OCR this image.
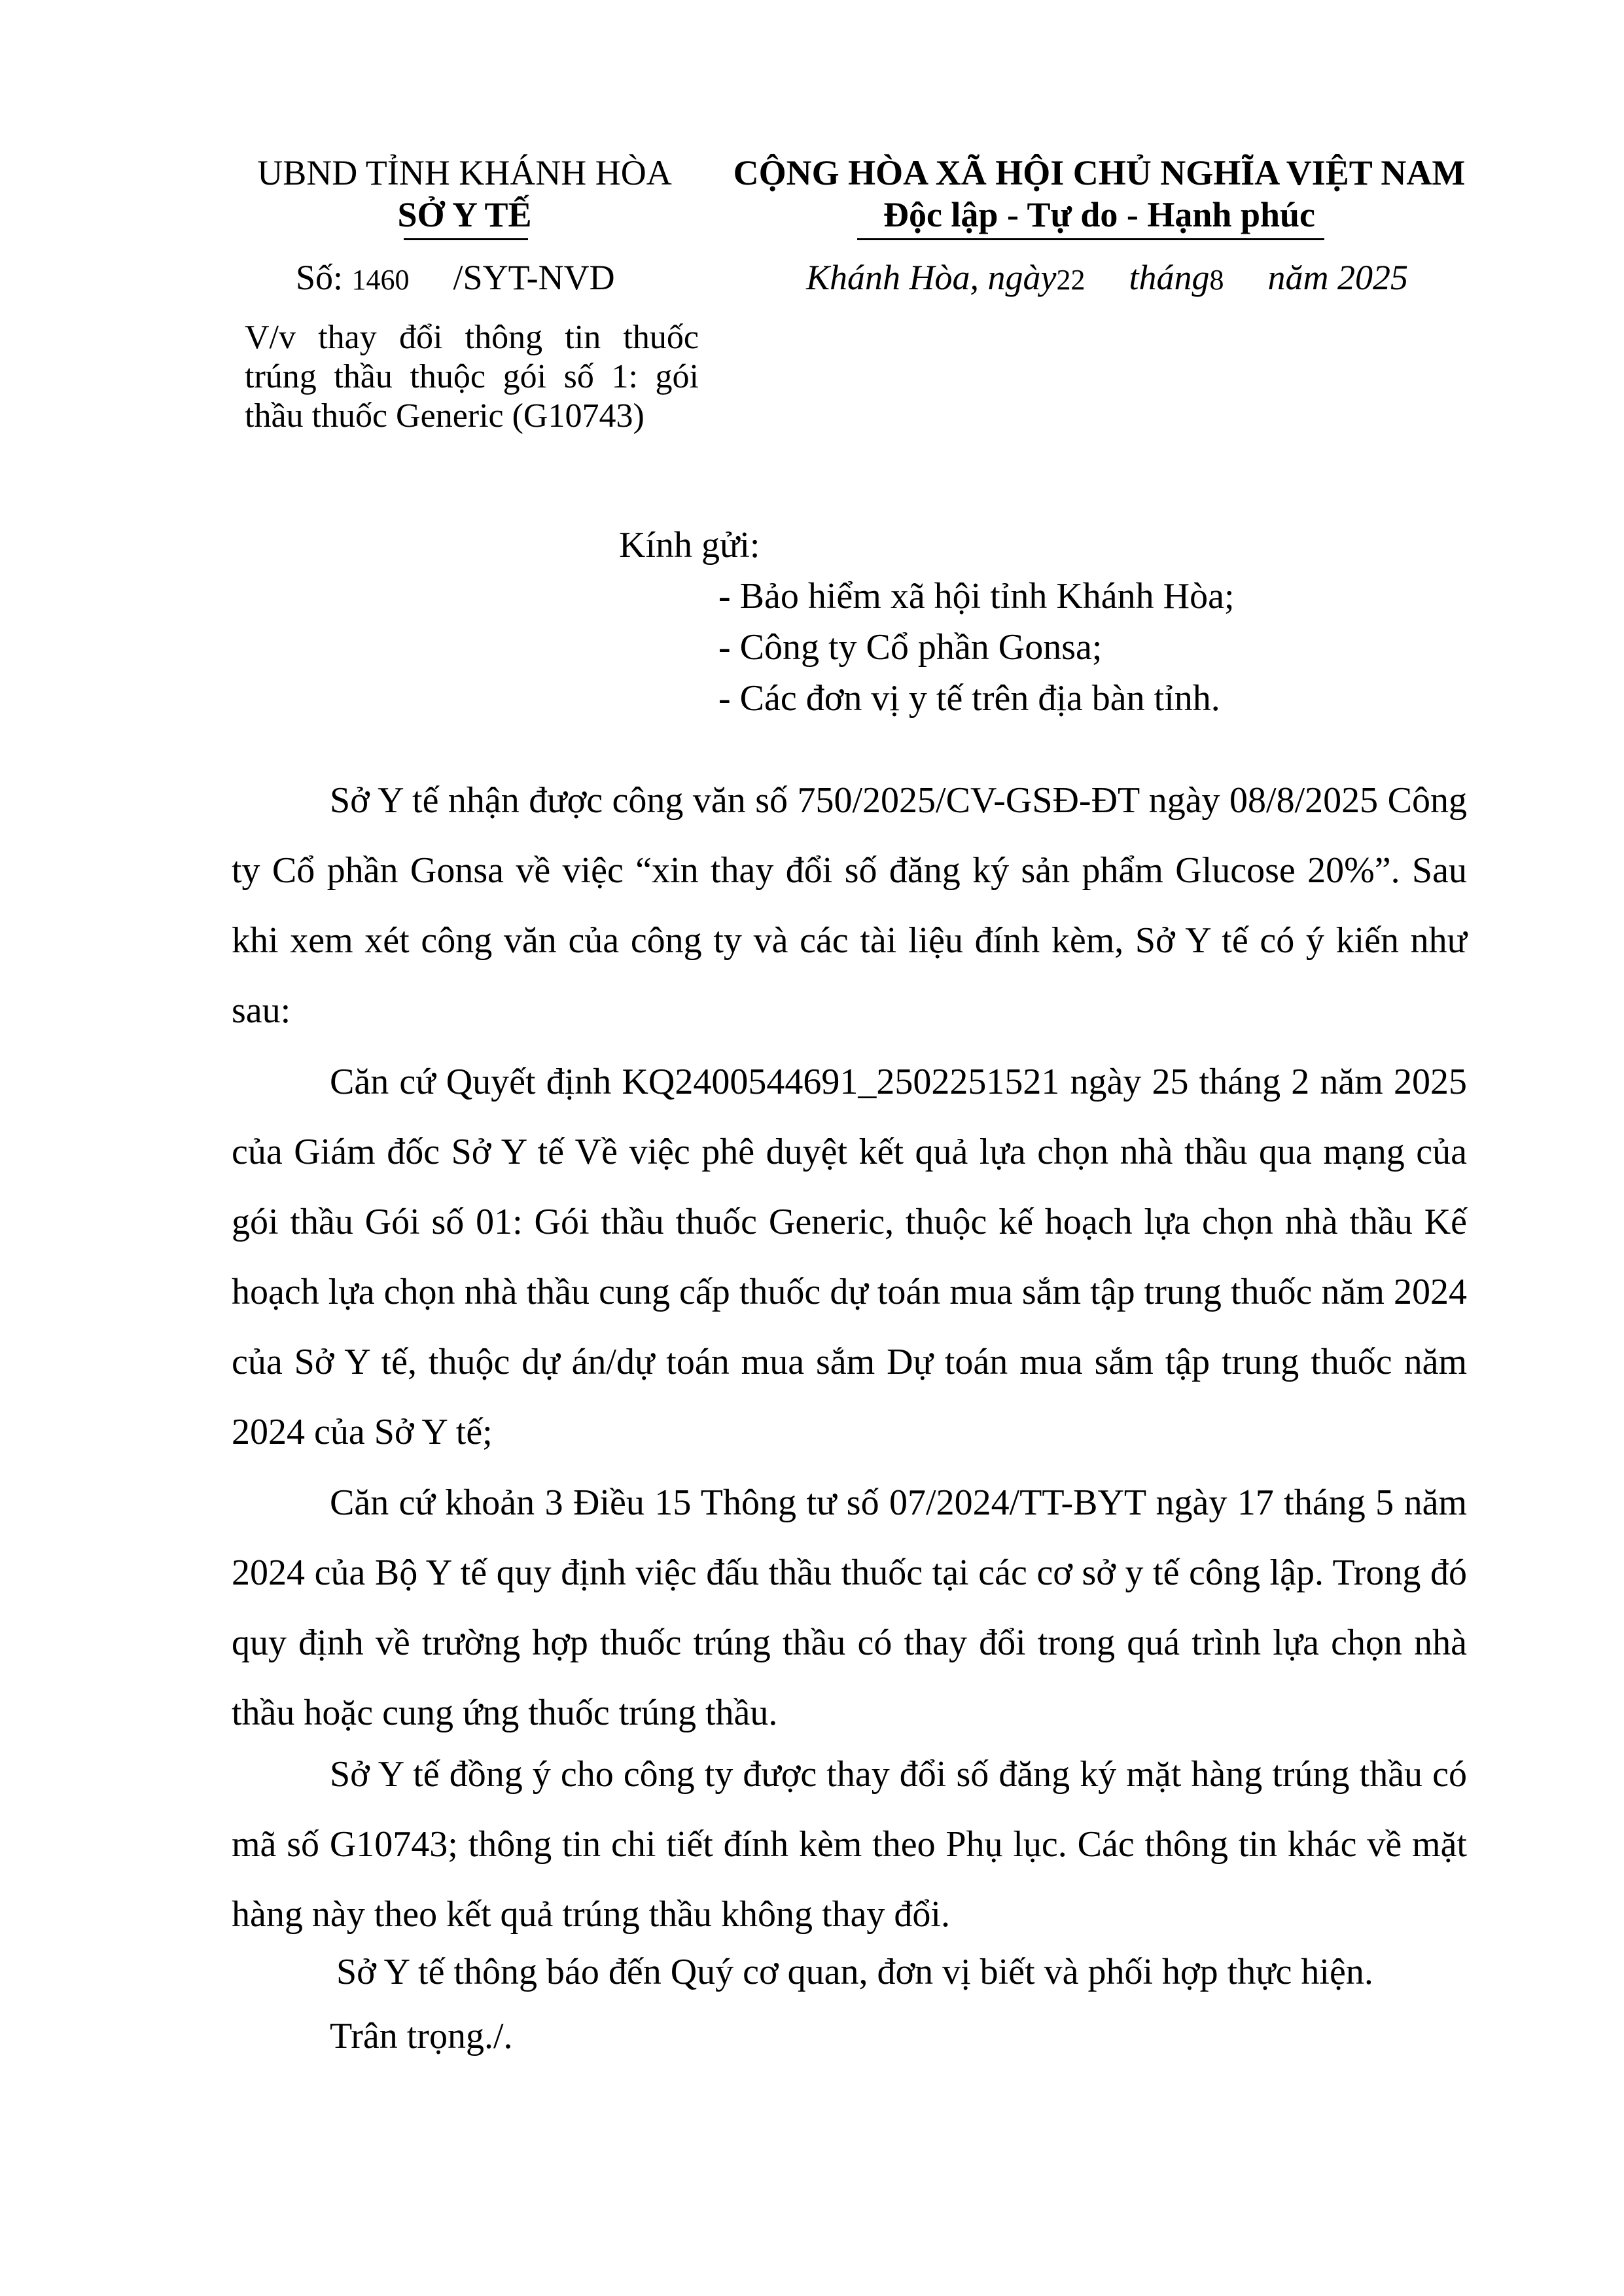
UBND TỈNH KHÁNH HÒA
SỞ Y TẾ
Số: 1460 /SYT-NVD
V/v thay đổi thông tin thuốc
trúng thầu thuộc gói số 1: gói
thầu thuốc Generic (G10743)
CỘNG HÒA XÃ HỘI CHỦ NGHĨA VIỆT NAM
Độc lập - Tự do - Hạnh phúc
Khánh Hòa, ngày22 tháng8 năm 2025
Kính gửi:
- Bảo hiểm xã hội tỉnh Khánh Hòa;
- Công ty Cổ phần Gonsa;
- Các đơn vị y tế trên địa bàn tỉnh.

Sở Y tế nhận được công văn số 750/2025/CV-GSĐ-ĐT ngày 08/8/2025 Công ty Cổ phần Gonsa về việc “xin thay đổi số đăng ký sản phẩm Glucose 20%”. Sau khi xem xét công văn của công ty và các tài liệu đính kèm, Sở Y tế có ý kiến như sau:

Căn cứ Quyết định KQ2400544691_2502251521 ngày 25 tháng 2 năm 2025 của Giám đốc Sở Y tế Về việc phê duyệt kết quả lựa chọn nhà thầu qua mạng của gói thầu Gói số 01: Gói thầu thuốc Generic, thuộc kế hoạch lựa chọn nhà thầu Kế hoạch lựa chọn nhà thầu cung cấp thuốc dự toán mua sắm tập trung thuốc năm 2024 của Sở Y tế, thuộc dự án/dự toán mua sắm Dự toán mua sắm tập trung thuốc năm 2024 của Sở Y tế;

Căn cứ khoản 3 Điều 15 Thông tư số 07/2024/TT-BYT ngày 17 tháng 5 năm 2024 của Bộ Y tế quy định việc đấu thầu thuốc tại các cơ sở y tế công lập. Trong đó quy định về trường hợp thuốc trúng thầu có thay đổi trong quá trình lựa chọn nhà thầu hoặc cung ứng thuốc trúng thầu.

Sở Y tế đồng ý cho công ty được thay đổi số đăng ký mặt hàng trúng thầu có mã số G10743; thông tin chi tiết đính kèm theo Phụ lục. Các thông tin khác về mặt hàng này theo kết quả trúng thầu không thay đổi.

Sở Y tế thông báo đến Quý cơ quan, đơn vị biết và phối hợp thực hiện.
Trân trọng./.
